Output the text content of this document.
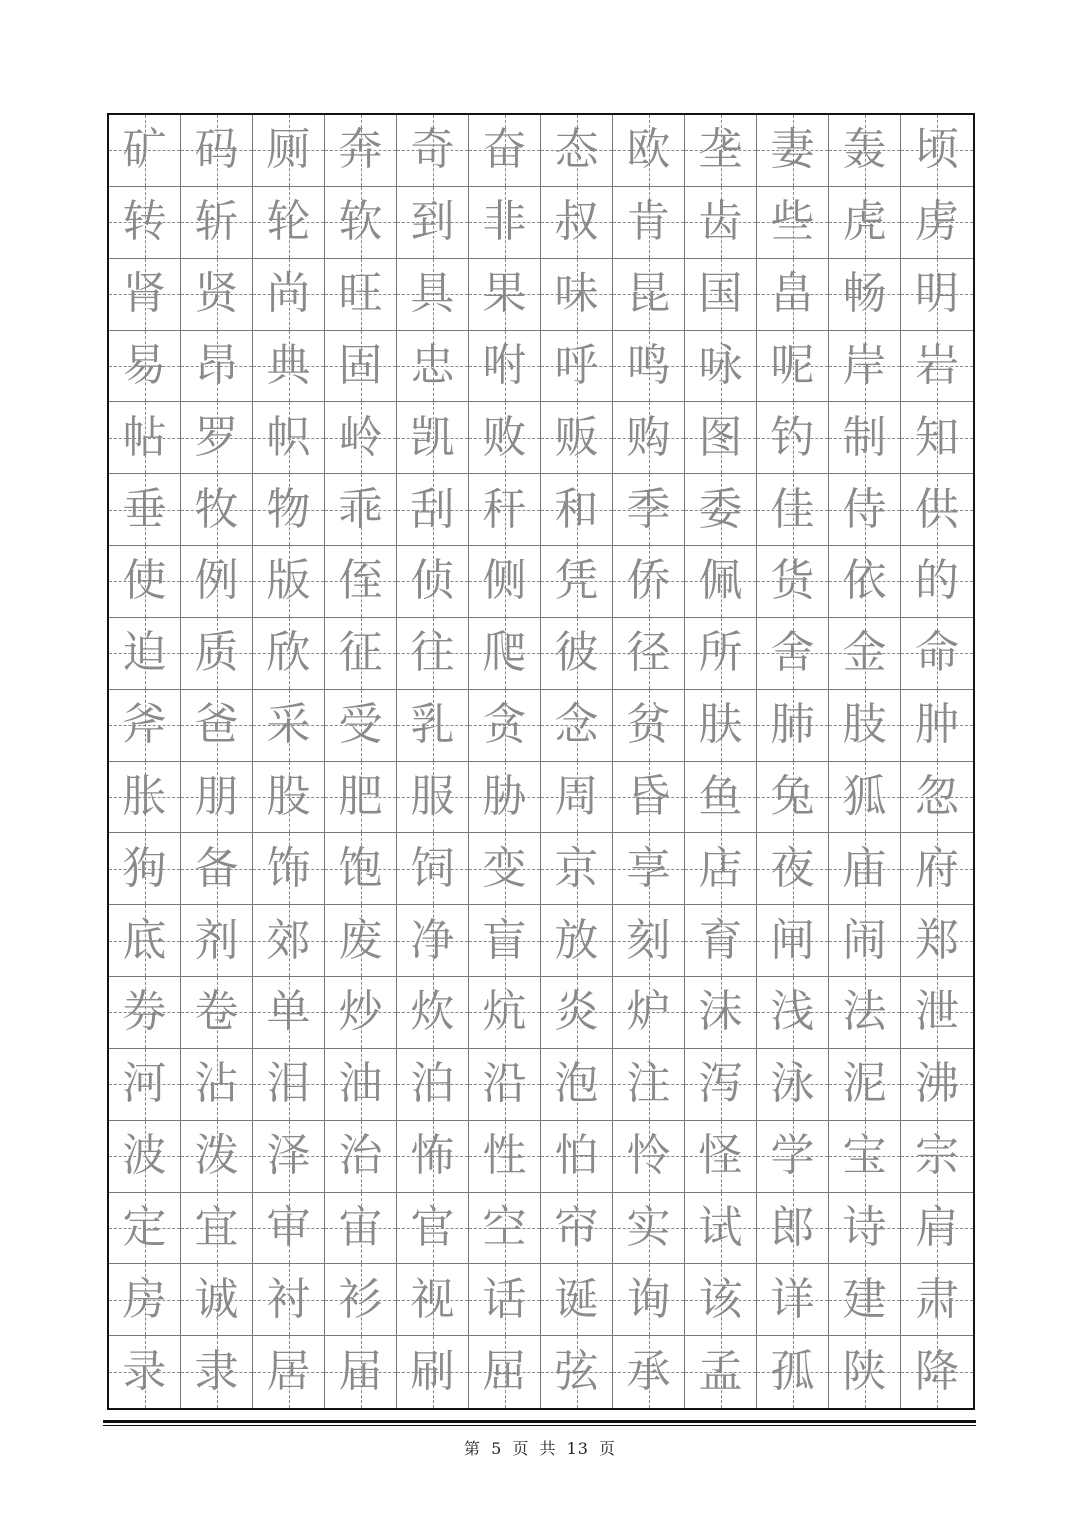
矿 码 厕 奔 奇 奋 态 欧 垄 妻 轰 顷
转 斩 轮 软 到 非 叔 肯 齿 些 虎 虏
肾 贤 尚 旺 具 果 味 昆 国 畠 畅 明
易 昂 典 固 忠 咐 呼 鸣 咏 呢 岸 岩
帖 罗 帜 岭 凯 败 贩 购 图 钓 制 知
垂 牧 物 乖 刮 秆 和 季 委 佳 侍 供
使 例 版 侄 侦 侧 凭 侨 佩 货 依 的
迫 质 欣 征 往 爬 彼 径 所 舍 金 命
斧 爸 采 受 乳 贪 念 贫 肤 肺 肢 肿
胀 朋 股 肥 服 胁 周 昏 鱼 兔 狐 忽
狗 备 饰 饱 饲 变 京 享 店 夜 庙 府
底 剂 郊 废 净 盲 放 刻 育 闸 闹 郑
券 卷 单 炒 炊 炕 炎 炉 沫 浅 法 泄
河 沾 泪 油 泊 沿 泡 注 泻 泳 泥 沸
波 泼 泽 治 怖 性 怕 怜 怪 学 宝 宗
定 宜 审 宙 官 空 帘 实 试 郎 诗 肩
房 诚 衬 衫 视 话 诞 询 该 详 建 肃
录 隶 居 届 刷 屈 弦 承 孟 孤 陕 降
第 5 页 共 13 页
